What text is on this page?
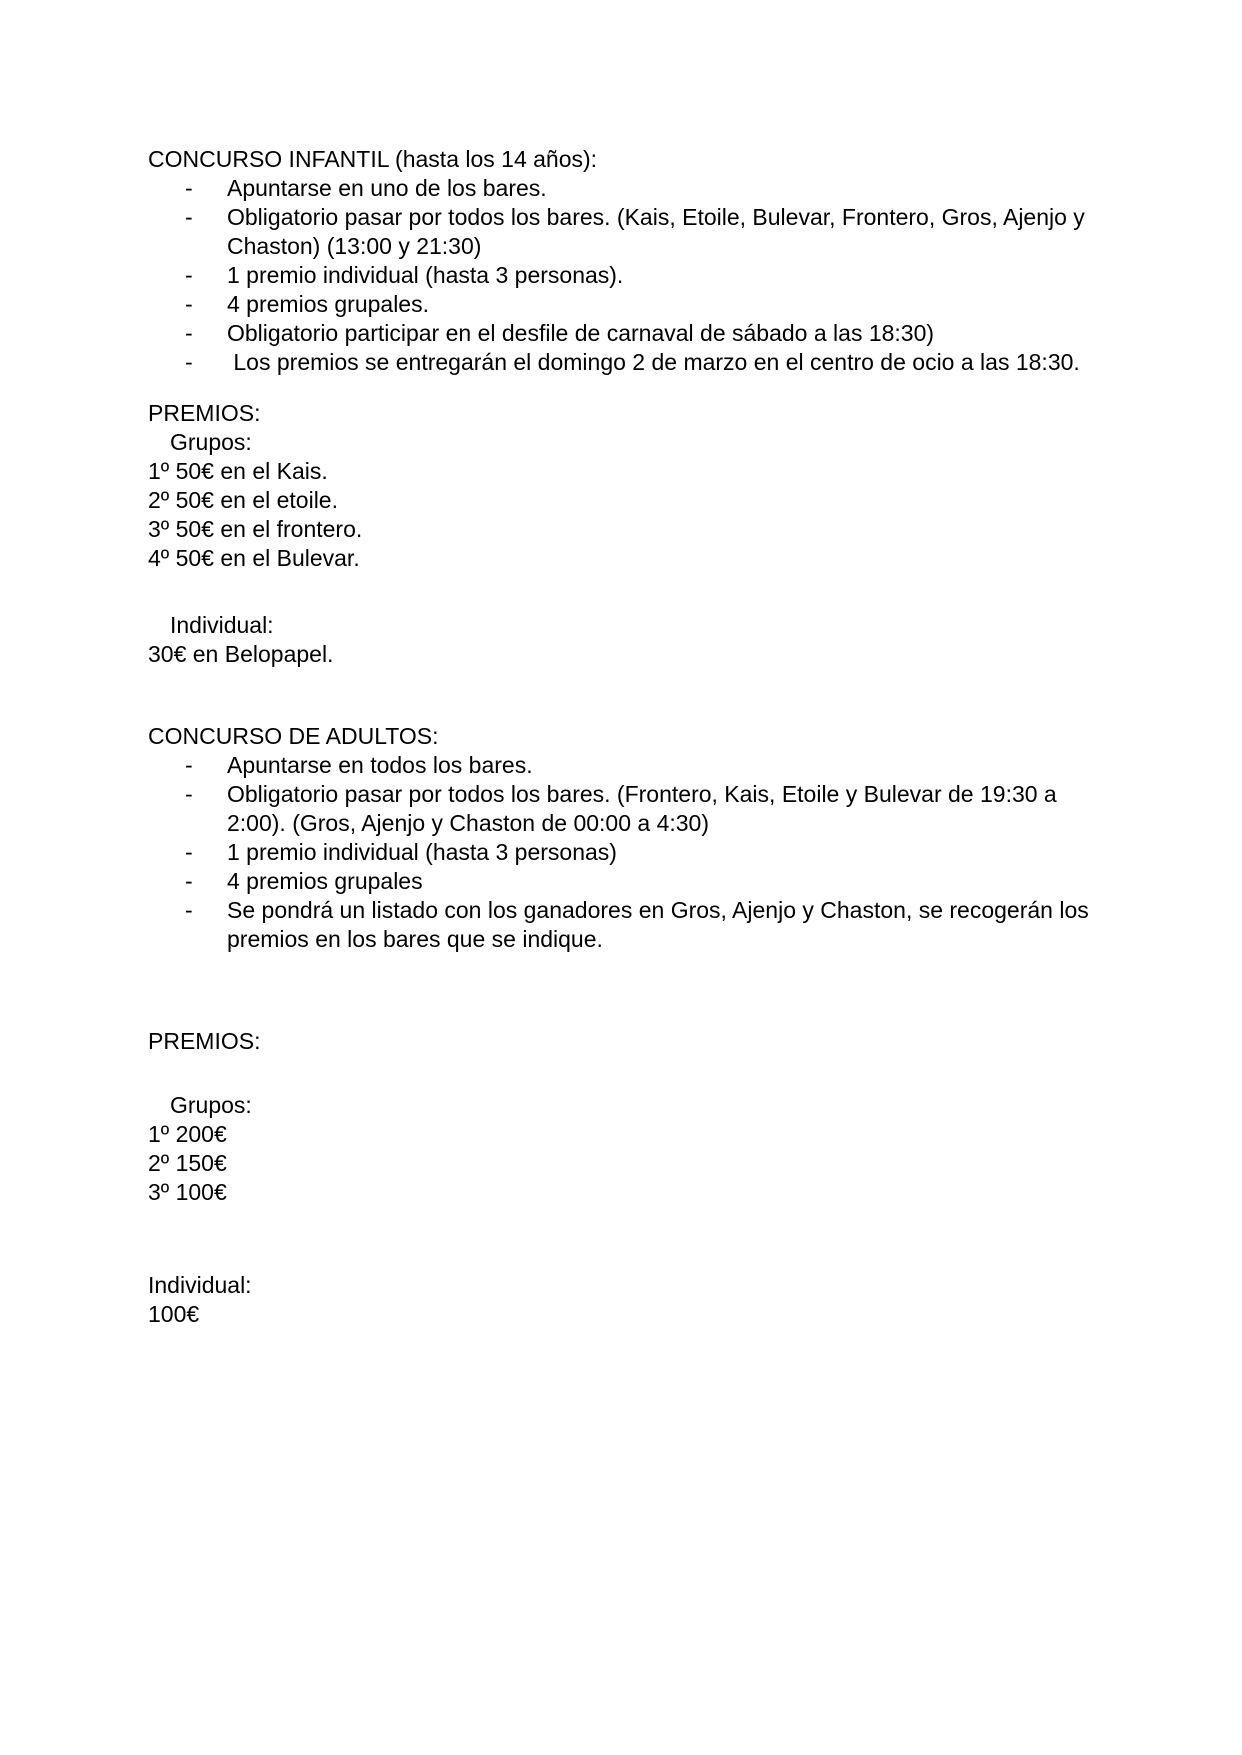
CONCURSO INFANTIL (hasta los 14 años):

-	Apuntarse en uno de los bares.
-	Obligatorio pasar por todos los bares. (Kais, Etoile, Bulevar, Frontero, Gros, Ajenjo y Chaston) (13:00 y 21:30)
-	1 premio individual (hasta 3 personas).
-	4 premios grupales.
-	Obligatorio participar en el desfile de carnaval de sábado a las 18:30)
-	Los premios se entregarán el domingo 2 de marzo en el centro de ocio a las 18:30.

PREMIOS:

Grupos:

1º 50€ en el Kais.

2º 50€ en el etoile.

3º 50€ en el frontero.

4º 50€ en el Bulevar.

Individual:

30€ en Belopapel.

CONCURSO DE ADULTOS:

-	Apuntarse en todos los bares.
-	Obligatorio pasar por todos los bares. (Frontero, Kais, Etoile y Bulevar de 19:30 a 2:00). (Gros, Ajenjo y Chaston de 00:00 a 4:30)
-	1 premio individual (hasta 3 personas)
-	4 premios grupales
-	Se pondrá un listado con los ganadores en Gros, Ajenjo y Chaston, se recogerán los premios en los bares que se indique.

PREMIOS:

Grupos:

1º 200€

2º 150€

3º 100€

Individual:

100€
